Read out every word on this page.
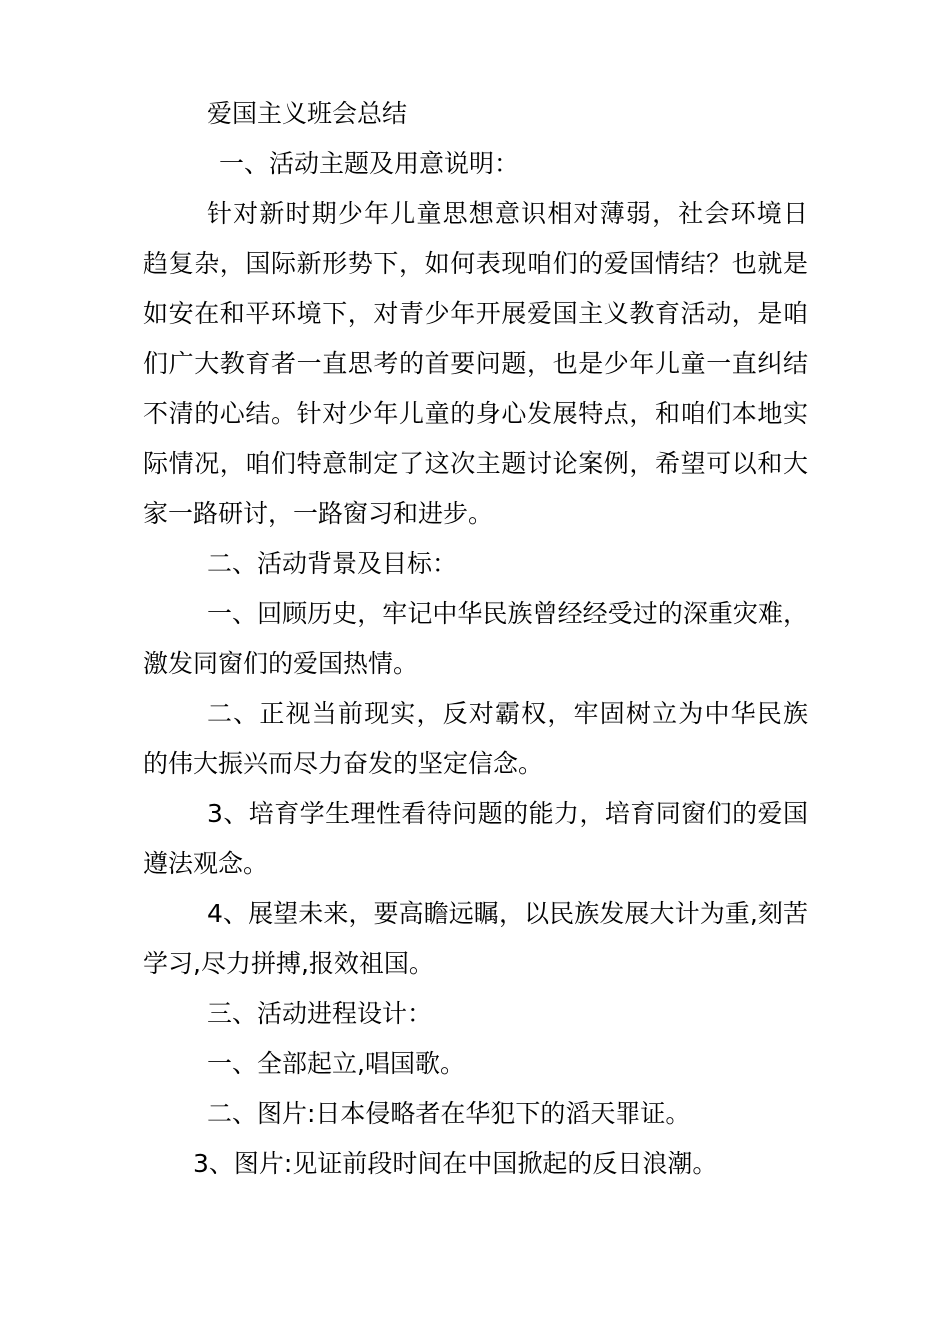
爱国主义班会总结
一、活动主题及用意说明：
针对新时期少年儿童思想意识相对薄弱，社会环境日
趋复杂，国际新形势下，如何表现咱们的爱国情结？也就是
如安在和平环境下，对青少年开展爱国主义教育活动，是咱
们广大教育者一直思考的首要问题，也是少年儿童一直纠结
不清的心结。针对少年儿童的身心发展特点，和咱们本地实
际情况，咱们特意制定了这次主题讨论案例，希望可以和大
家一路研讨，一路窗习和进步。
二、活动背景及目标：
一、回顾历史，牢记中华民族曾经经受过的深重灾难，
激发同窗们的爱国热情。
二、正视当前现实，反对霸权，牢固树立为中华民族
的伟大振兴而尽力奋发的坚定信念。
3、培育学生理性看待问题的能力，培育同窗们的爱国
遵法观念。
4、展望未来，要高瞻远瞩，以民族发展大计为重,刻苦
学习,尽力拼搏,报效祖国。
三、活动进程设计：
一、全部起立,唱国歌。
二、图片:日本侵略者在华犯下的滔天罪证。
3、图片:见证前段时间在中国掀起的反日浪潮。
